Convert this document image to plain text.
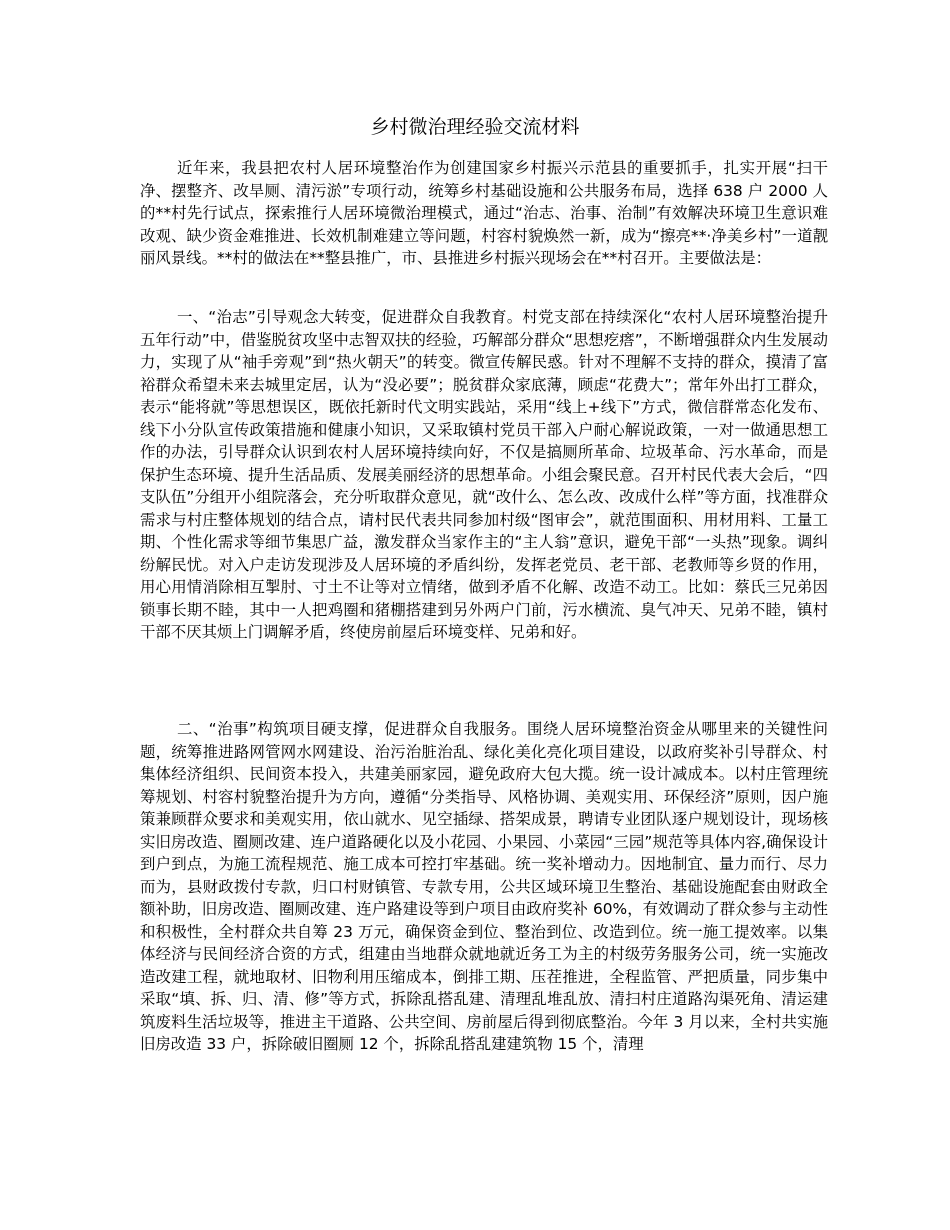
乡村微治理经验交流材料

近年来，我县把农村人居环境整治作为创建国家乡村振兴示范县的重要抓手，扎实开展“扫干净、摆整齐、改旱厕、清污淤”专项行动，统筹乡村基础设施和公共服务布局，选择 638 户 2000 人的**村先行试点，探索推行人居环境微治理模式，通过“治志、治事、治制”有效解决环境卫生意识难改观、缺少资金难推进、长效机制难建立等问题，村容村貌焕然一新，成为“擦亮**·净美乡村”一道靓丽风景线。**村的做法在**整县推广，市、县推进乡村振兴现场会在**村召开。主要做法是：

一、“治志”引导观念大转变，促进群众自我教育。村党支部在持续深化“农村人居环境整治提升五年行动”中，借鉴脱贫攻坚中志智双扶的经验，巧解部分群众“思想疙瘩”，不断增强群众内生发展动力，实现了从“袖手旁观”到“热火朝天”的转变。微宣传解民惑。针对不理解不支持的群众，摸清了富裕群众希望未来去城里定居，认为“没必要”；脱贫群众家底薄，顾虑“花费大”；常年外出打工群众，表示“能将就”等思想误区，既依托新时代文明实践站，采用“线上+线下”方式，微信群常态化发布、线下小分队宣传政策措施和健康小知识，又采取镇村党员干部入户耐心解说政策，一对一做通思想工作的办法，引导群众认识到农村人居环境持续向好，不仅是搞厕所革命、垃圾革命、污水革命，而是保护生态环境、提升生活品质、发展美丽经济的思想革命。小组会聚民意。召开村民代表大会后，“四支队伍”分组开小组院落会，充分听取群众意见，就“改什么、怎么改、改成什么样”等方面，找准群众需求与村庄整体规划的结合点，请村民代表共同参加村级“图审会”，就范围面积、用材用料、工量工期、个性化需求等细节集思广益，激发群众当家作主的“主人翁”意识，避免干部“一头热”现象。调纠纷解民忧。对入户走访发现涉及人居环境的矛盾纠纷，发挥老党员、老干部、老教师等乡贤的作用，用心用情消除相互掣肘、寸土不让等对立情绪，做到矛盾不化解、改造不动工。比如：蔡氏三兄弟因锁事长期不睦，其中一人把鸡圈和猪棚搭建到另外两户门前，污水横流、臭气冲天、兄弟不睦，镇村干部不厌其烦上门调解矛盾，终使房前屋后环境变样、兄弟和好。

二、“治事”构筑项目硬支撑，促进群众自我服务。围绕人居环境整治资金从哪里来的关键性问题，统筹推进路网管网水网建设、治污治脏治乱、绿化美化亮化项目建设，以政府奖补引导群众、村集体经济组织、民间资本投入，共建美丽家园，避免政府大包大揽。统一设计减成本。以村庄管理统筹规划、村容村貌整治提升为方向，遵循“分类指导、风格协调、美观实用、环保经济”原则，因户施策兼顾群众要求和美观实用，依山就水、见空插绿、搭架成景，聘请专业团队逐户规划设计，现场核实旧房改造、圈厕改建、连户道路硬化以及小花园、小果园、小菜园“三园”规范等具体内容,确保设计到户到点，为施工流程规范、施工成本可控打牢基础。统一奖补增动力。因地制宜、量力而行、尽力而为，县财政拨付专款，归口村财镇管、专款专用，公共区域环境卫生整治、基础设施配套由财政全额补助，旧房改造、圈厕改建、连户路建设等到户项目由政府奖补 60%，有效调动了群众参与主动性和积极性，全村群众共自筹 23 万元，确保资金到位、整治到位、改造到位。统一施工提效率。以集体经济与民间经济合资的方式，组建由当地群众就地就近务工为主的村级劳务服务公司，统一实施改造改建工程，就地取材、旧物利用压缩成本，倒排工期、压茬推进，全程监管、严把质量，同步集中采取“填、拆、归、清、修”等方式，拆除乱搭乱建、清理乱堆乱放、清扫村庄道路沟渠死角、清运建筑废料生活垃圾等，推进主干道路、公共空间、房前屋后得到彻底整治。今年 3 月以来，全村共实施旧房改造 33 户，拆除破旧圈厕 12 个，拆除乱搭乱建建筑物 15 个，清理
